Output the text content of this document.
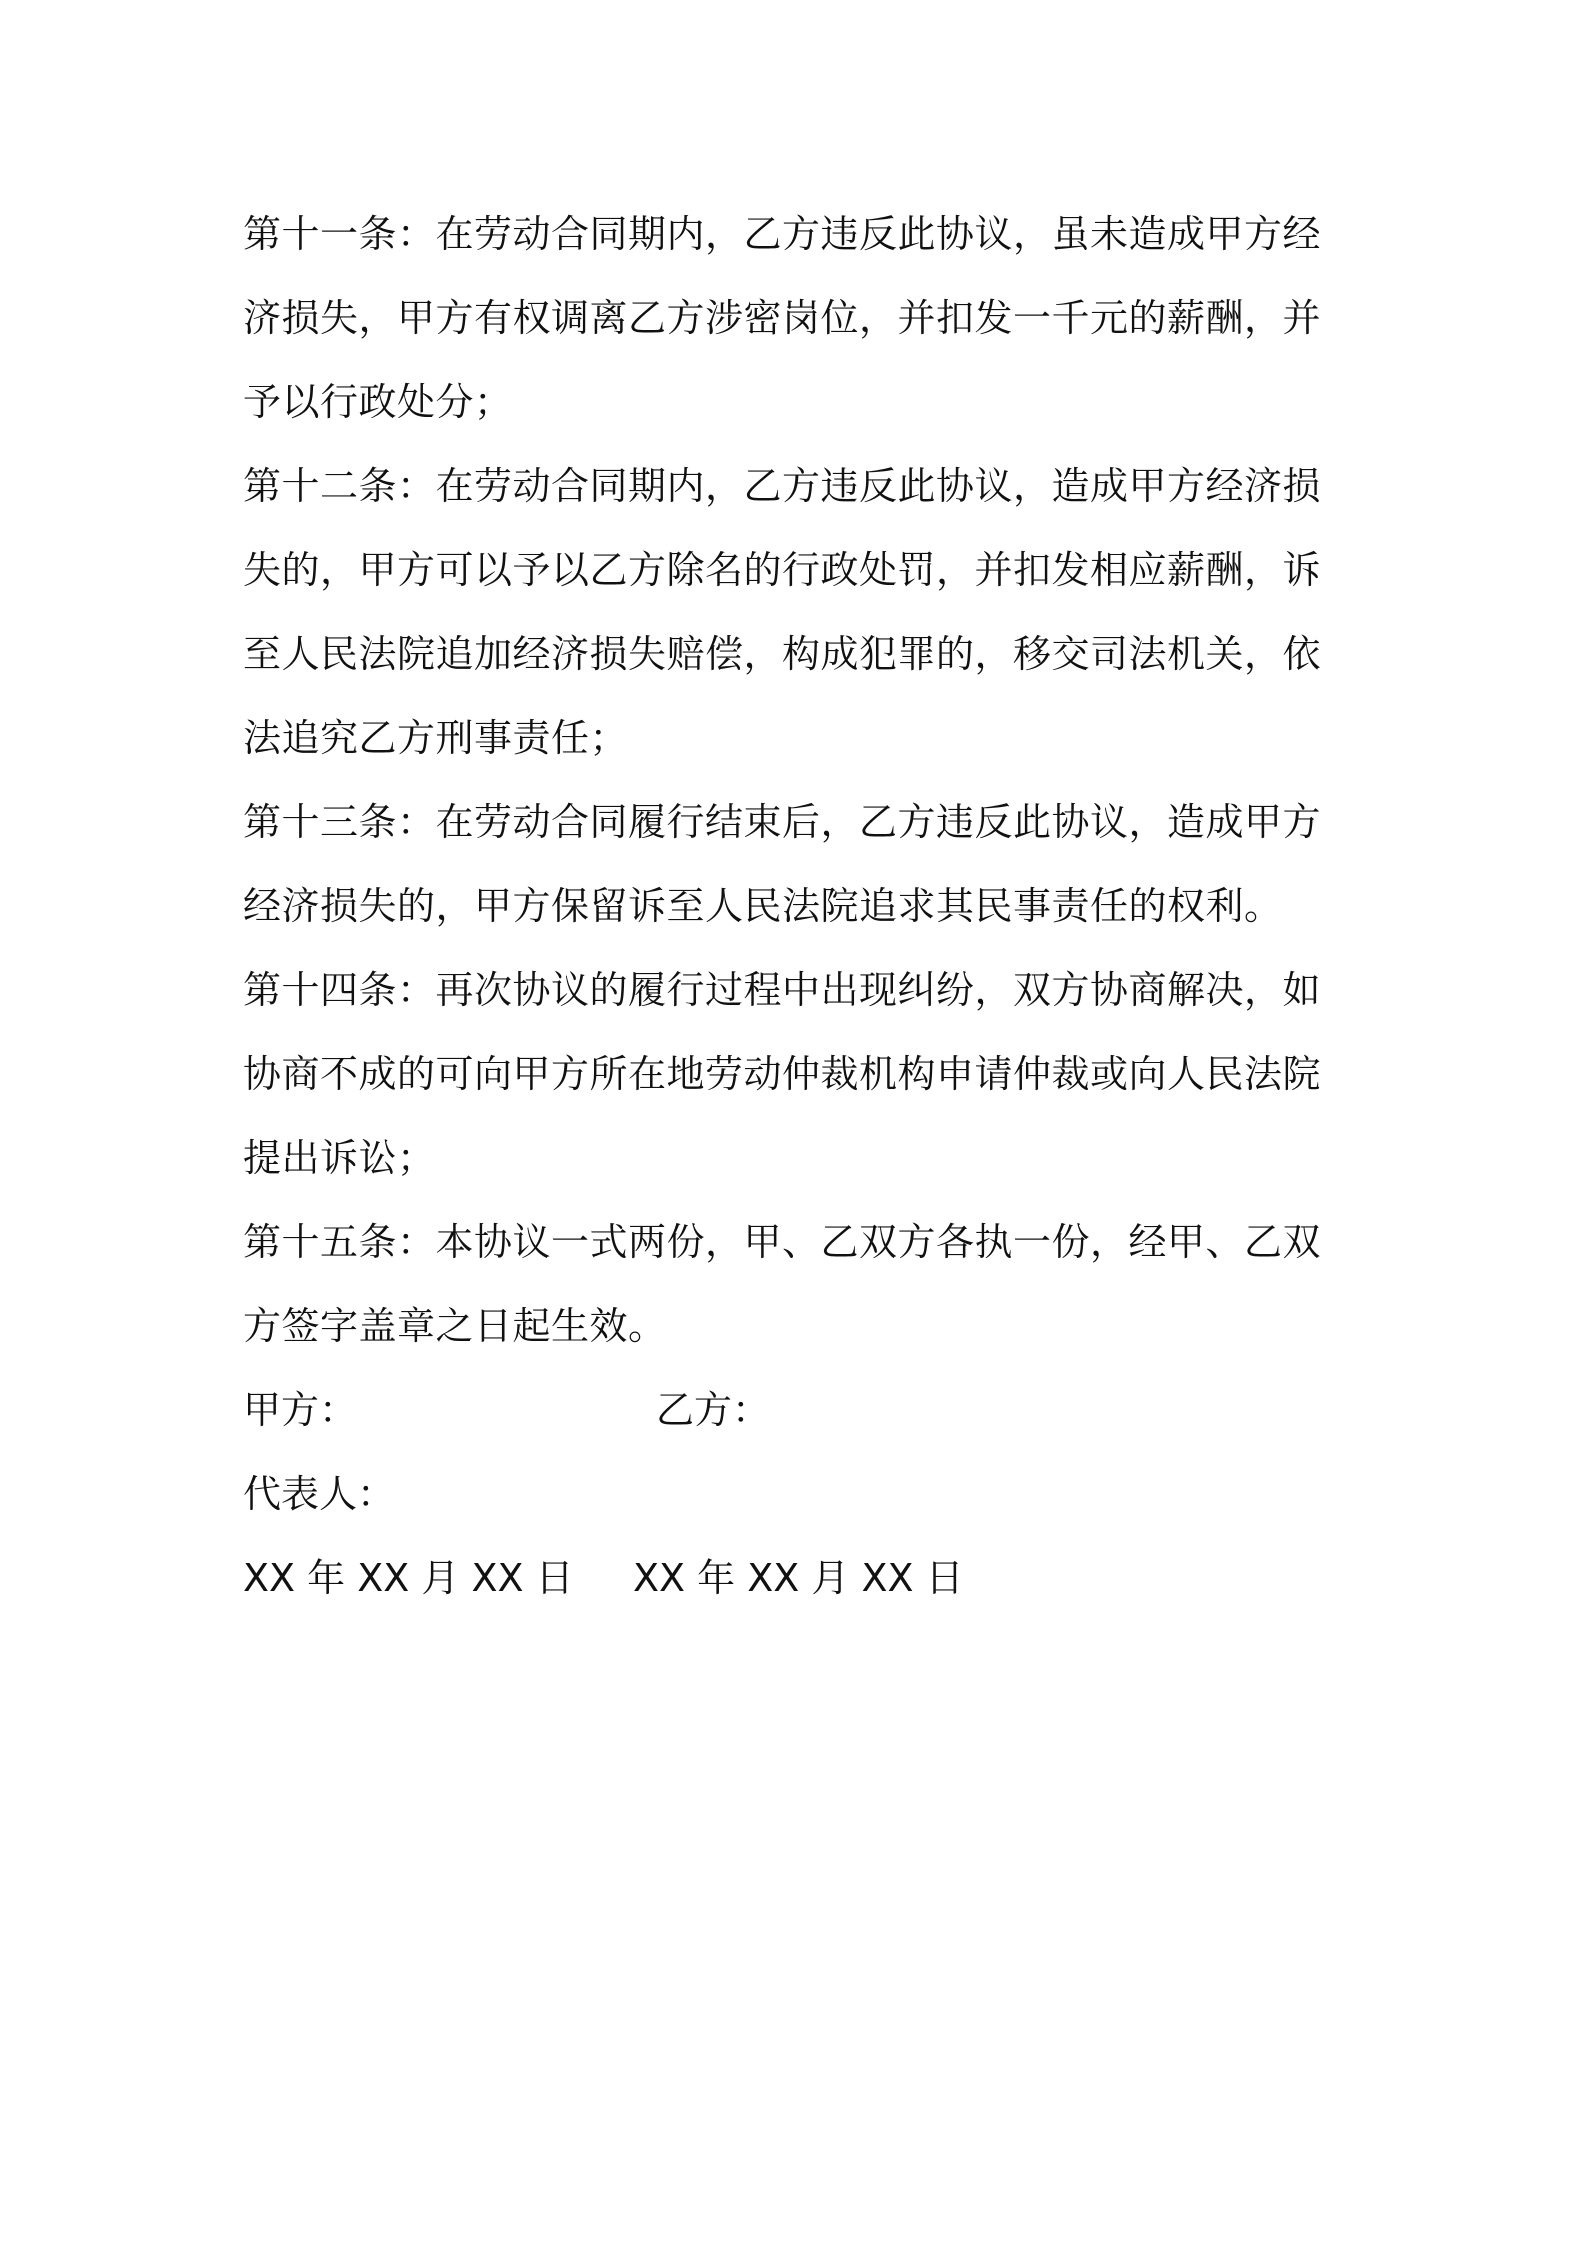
第十一条：在劳动合同期内，乙方违反此协议，虽未造成甲方经济损失，甲方有权调离乙方涉密岗位，并扣发一千元的薪酬，并予以行政处分；

第十二条：在劳动合同期内，乙方违反此协议，造成甲方经济损失的，甲方可以予以乙方除名的行政处罚，并扣发相应薪酬，诉至人民法院追加经济损失赔偿，构成犯罪的，移交司法机关，依法追究乙方刑事责任；

第十三条：在劳动合同履行结束后，乙方违反此协议，造成甲方经济损失的，甲方保留诉至人民法院追求其民事责任的权利。

第十四条：再次协议的履行过程中出现纠纷，双方协商解决，如协商不成的可向甲方所在地劳动仲裁机构申请仲裁或向人民法院提出诉讼；

第十五条：本协议一式两份，甲、乙双方各执一份，经甲、乙双方签字盖章之日起生效。

甲方：	乙方：
代表人：
XX 年 XX 月 XX 日 XX 年 XX 月 XX 日
